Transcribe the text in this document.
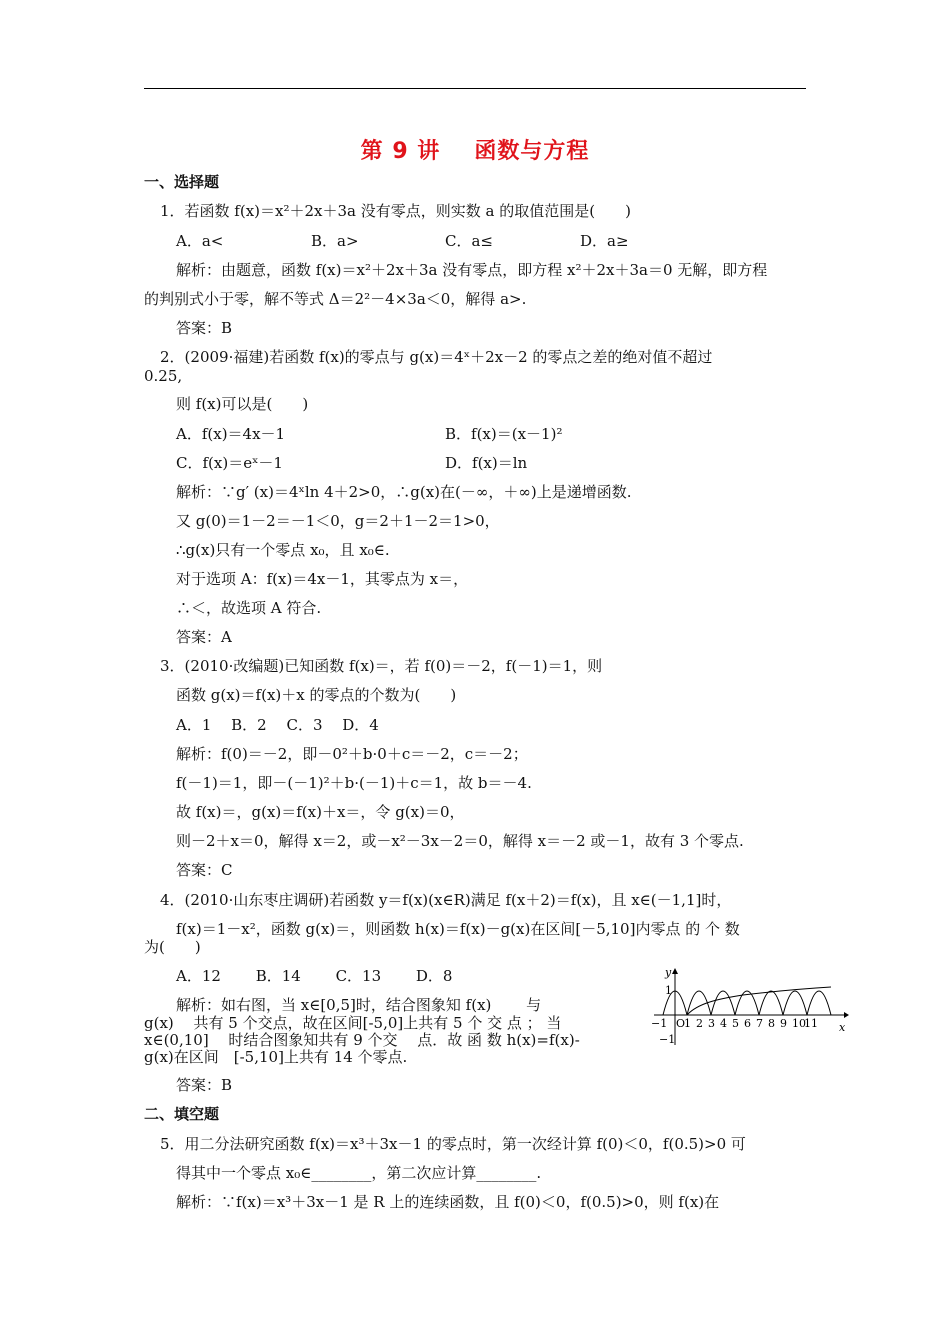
第 9 讲 函数与方程
一、选择题
1．若函数 f(x)＝x²＋2x＋3a 没有零点，则实数 a 的取值范围是(　　)
A．a<	B．a>	C．a≤	D．a≥
解析：由题意，函数 f(x)＝x²＋2x＋3a 没有零点，即方程 x²＋2x＋3a＝0 无解，即方程
的判别式小于零，解不等式 Δ＝2²－4×3a＜0，解得 a>.
答案：B
2．(2009·福建)若函数 f(x)的零点与 g(x)＝4ˣ＋2x－2 的零点之差的绝对值不超过
0.25,
则 f(x)可以是(　　)
A．f(x)＝4x－1	B．f(x)＝(x－1)²
C．f(x)＝eˣ－1	D．f(x)＝ln
解析：∵g′ (x)＝4ˣln 4＋2>0，∴g(x)在(－∞，＋∞)上是递增函数.
又 g(0)＝1－2＝－1＜0，g＝2＋1－2＝1>0，
∴g(x)只有一个零点 x₀，且 x₀∈.
对于选项 A：f(x)＝4x－1，其零点为 x＝，
∴＜，故选项 A 符合.
答案：A
3．(2010·改编题)已知函数 f(x)＝，若 f(0)＝－2，f(－1)＝1，则
函数 g(x)＝f(x)＋x 的零点的个数为(　　)
A．1　 B．2　 C．3　 D．4
解析：f(0)＝－2，即－0²＋b·0＋c＝－2，c＝－2；
f(－1)＝1，即－(－1)²＋b·(－1)＋c＝1，故 b＝－4.
故 f(x)＝，g(x)＝f(x)＋x＝，令 g(x)＝0，
则－2＋x＝0，解得 x＝2，或－x²－3x－2＝0，解得 x＝－2 或－1，故有 3 个零点.
答案：C
4．(2010·山东枣庄调研)若函数 y＝f(x)(x∈R)满足 f(x＋2)＝f(x)，且 x∈(－1,1]时，
f(x)＝1－x²，函数 g(x)＝，则函数 h(x)＝f(x)－g(x)在区间[－5,10]内零点 的 个 数
为(　　)
A．12　　 B．14　　 C．13　　 D．8
解析：如右图，当 x∈[0,5]时，结合图象知 f(x)　　 与
g(x)　 共有 5 个交点，故在区间[-5,0]上共有 5 个 交 点 ； 当
x∈(0,10]　 时结合图象知共有 9 个交　 点．故 函 数 h(x)=f(x)-
g(x)在区间　[-5,10]上共有 14 个零点.
答案：B
y
x
1
−1
O
−1 1 2 3 4 5 6 7 8 9 10
11
二、填空题
5．用二分法研究函数 f(x)＝x³＋3x－1 的零点时，第一次经计算 f(0)＜0，f(0.5)>0 可
得其中一个零点 x₀∈________，第二次应计算________.
解析：∵f(x)＝x³＋3x－1 是 R 上的连续函数，且 f(0)＜0，f(0.5)>0，则 f(x)在
